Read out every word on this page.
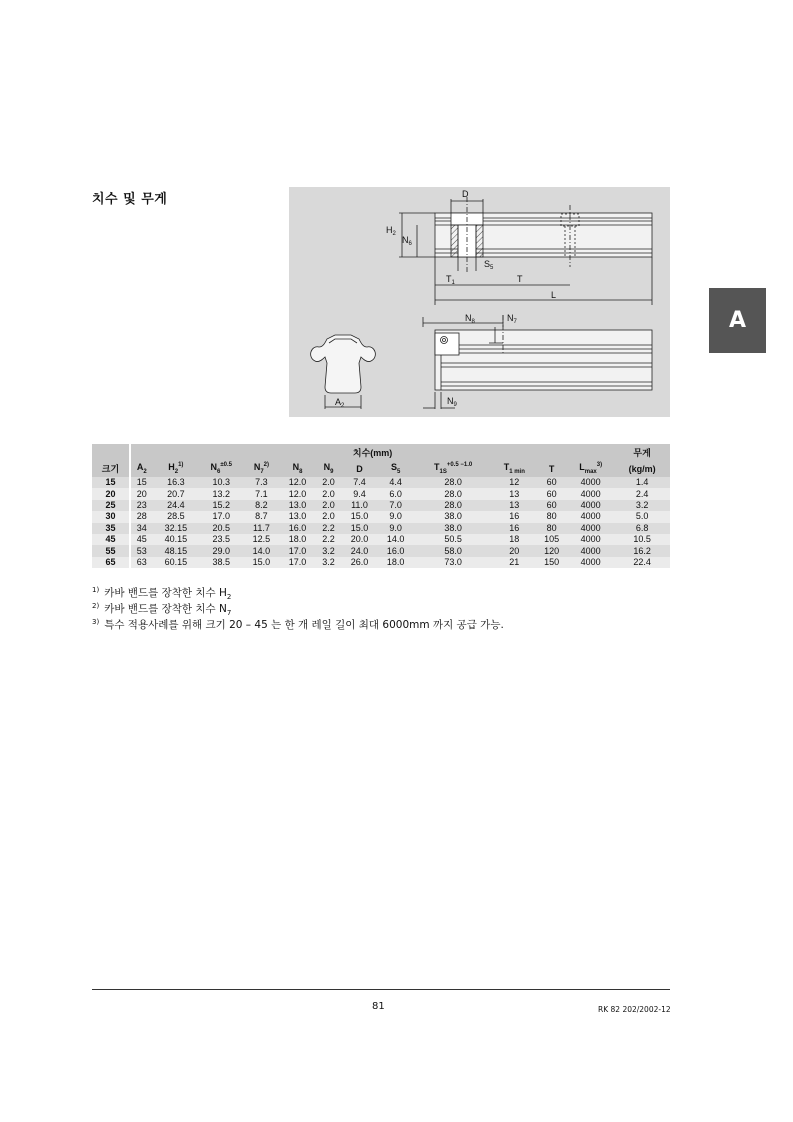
치수 및 무게	D
$H_2$
$N_6$
$S_5$
$T_1$	T
L
$N_8$	$N_7$
$N_9$
$A_2$
A
	치수(mm)												무게
크기	$A_2$	$H_2^{1)}$	$N_6^{\pm 0.5}$	$N_7^{2)}$	$N_8$	$N_9$	D	$S_5$	$T_{1S}^{+0.5 -1.0}$	$T_{1 min}$	T	$L_{max}^{3)}$	(kg/m)
15	15	16.3	10.3	7.3	12.0	2.0	7.4	4.4	28.0	12	60	4000	1.4
20	20	20.7	13.2	7.1	12.0	2.0	9.4	6.0	28.0	13	60	4000	2.4
25	23	24.4	15.2	8.2	13.0	2.0	11.0	7.0	28.0	13	60	4000	3.2
30	28	28.5	17.0	8.7	13.0	2.0	15.0	9.0	38.0	16	80	4000	5.0
35	34	32.15	20.5	11.7	16.0	2.2	15.0	9.0	38.0	16	80	4000	6.8
45	45	40.15	23.5	12.5	18.0	2.2	20.0	14.0	50.5	18	105	4000	10.5
55	53	48.15	29.0	14.0	17.0	3.2	24.0	16.0	58.0	20	120	4000	16.2
65	63	60.15	38.5	15.0	17.0	3.2	26.0	18.0	73.0	21	150	4000	22.4
$^{1)}$ 카바 밴드를 장착한 치수 $H_2$
$^{2)}$ 카바 밴드를 장착한 치수 $N_7$
$^{3)}$ 특수 적용사례를 위해 크기 20 – 45 는 한 개 레일 길이 최대 6000mm 까지 공급 가능.
81	RK 82 202/2002-12
